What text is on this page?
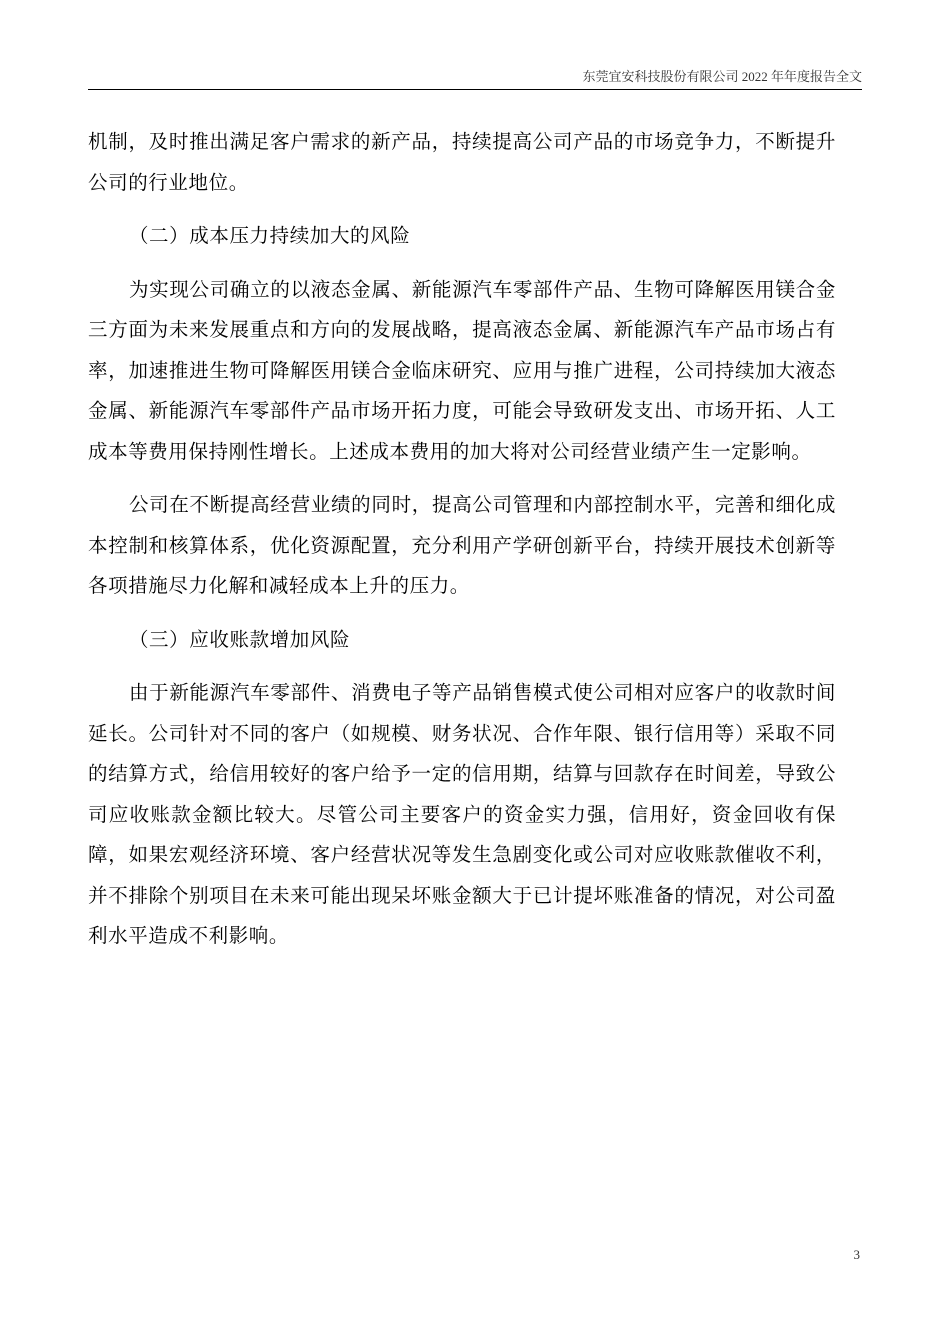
东莞宜安科技股份有限公司 2022 年年度报告全文

机制，及时推出满足客户需求的新产品，持续提高公司产品的市场竞争力，不断提升公司的行业地位。

（二）成本压力持续加大的风险

为实现公司确立的以液态金属、新能源汽车零部件产品、生物可降解医用镁合金三方面为未来发展重点和方向的发展战略，提高液态金属、新能源汽车产品市场占有率，加速推进生物可降解医用镁合金临床研究、应用与推广进程，公司持续加大液态金属、新能源汽车零部件产品市场开拓力度，可能会导致研发支出、市场开拓、人工成本等费用保持刚性增长。上述成本费用的加大将对公司经营业绩产生一定影响。

公司在不断提高经营业绩的同时，提高公司管理和内部控制水平，完善和细化成本控制和核算体系，优化资源配置，充分利用产学研创新平台，持续开展技术创新等各项措施尽力化解和减轻成本上升的压力。

（三）应收账款增加风险

由于新能源汽车零部件、消费电子等产品销售模式使公司相对应客户的收款时间延长。公司针对不同的客户（如规模、财务状况、合作年限、银行信用等）采取不同的结算方式，给信用较好的客户给予一定的信用期，结算与回款存在时间差，导致公司应收账款金额比较大。尽管公司主要客户的资金实力强，信用好，资金回收有保障，如果宏观经济环境、客户经营状况等发生急剧变化或公司对应收账款催收不利，并不排除个别项目在未来可能出现呆坏账金额大于已计提坏账准备的情况，对公司盈利水平造成不利影响。

3
